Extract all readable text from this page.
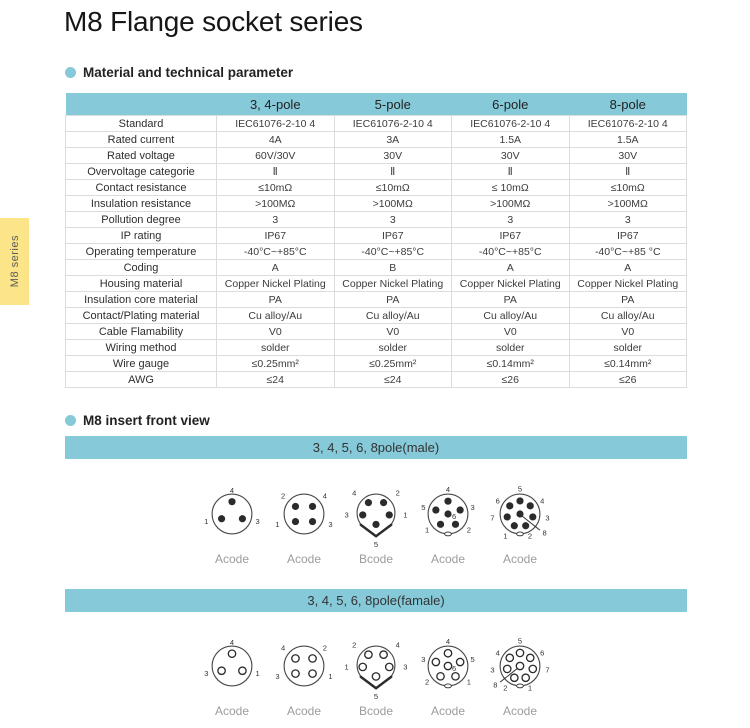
M8 series
M8 Flange socket series
Material and technical parameter
	3, 4-pole	5-pole	6-pole	8-pole
Standard	IEC61076-2-10 4	IEC61076-2-10 4	IEC61076-2-10 4	IEC61076-2-10 4
Rated current	4A	3A	1.5A	1.5A
Rated voltage	60V/30V	30V	30V	30V
Overvoltage categorie	Ⅱ	Ⅱ	Ⅱ	Ⅱ
Contact resistance	≤10mΩ	≤10mΩ	≤ 10mΩ	≤10mΩ
Insulation resistance	>100MΩ	>100MΩ	>100MΩ	>100MΩ
Pollution degree	3	3	3	3
IP rating	IP67	IP67	IP67	IP67
Operating temperature	-40°C~+85°C	-40°C~+85°C	-40°C~+85°C	-40°C~+85 °C
Coding	A	B	A	A
Housing material	Copper Nickel Plating	Copper Nickel Plating	Copper Nickel Plating	Copper Nickel Plating
Insulation core material	PA	PA	PA	PA
Contact/Plating material	Cu alloy/Au	Cu alloy/Au	Cu alloy/Au	Cu alloy/Au
Cable Flamability	V0	V0	V0	V0
Wiring method	solder	solder	solder	solder
Wire gauge	≤0.25mm²	≤0.25mm²	≤0.14mm²	≤0.14mm²
AWG	≤24	≤24	≤26	≤26
M8 insert front view
3, 4, 5, 6, 8pole(male)
4
1	3
Acode
2	4
1	3
Acode
4	2
3	1
5
Bcode
4
5	3
1	2
6
Acode
5
6	4
7	3
1	2 8
Acode
3, 4, 5, 6, 8pole(famale)
4
3	1
Acode
4	2
3	1
Acode
2	4
1	3
5
Bcode
4
3	5
2	1
6
Acode
5
4	6
3	7
2	1
8
Acode
